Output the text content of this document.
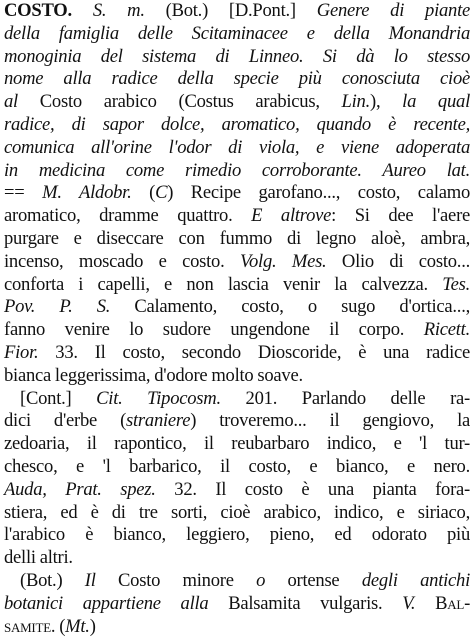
COSTO. S. m. (Bot.) [D.Pont.] Genere di piante
della famiglia delle Scitaminacee e della Monandria
monoginia del sistema di Linneo. Si dà lo stesso
nome alla radice della specie più conosciuta cioè
al Costo arabico (Costus arabicus, Lin.), la qual
radice, di sapor dolce, aromatico, quando è recente,
comunica all'orine l'odor di viola, e viene adoperata
in medicina come rimedio corroborante. Aureo lat.
== M. Aldobr. (C) Recipe garofano..., costo, calamo
aromatico, dramme quattro. E altrove: Si dee l'aere
purgare e diseccare con fummo di legno aloè, ambra,
incenso, moscado e costo. Volg. Mes. Olio di costo...
conforta i capelli, e non lascia venir la calvezza. Tes.
Pov. P. S. Calamento, costo, o sugo d'ortica...,
fanno venire lo sudore ungendone il corpo. Ricett.
Fior. 33. Il costo, secondo Dioscoride, è una radice
bianca leggerissima, d'odore molto soave.
[Cont.] Cit. Tipocosm. 201. Parlando delle ra-
dici d'erbe (straniere) troveremo... il gengiovo, la
zedoaria, il rapontico, il reubarbaro indico, e 'l tur-
chesco, e 'l barbarico, il costo, e bianco, e nero.
Auda, Prat. spez. 32. Il costo è una pianta fora-
stiera, ed è di tre sorti, cioè arabico, indico, e siriaco,
l'arabico è bianco, leggiero, pieno, ed odorato più
delli altri.
(Bot.) Il Costo minore o ortense degli antichi
botanici appartiene alla Balsamita vulgaris. V. Bal-
samite. (Mt.)
